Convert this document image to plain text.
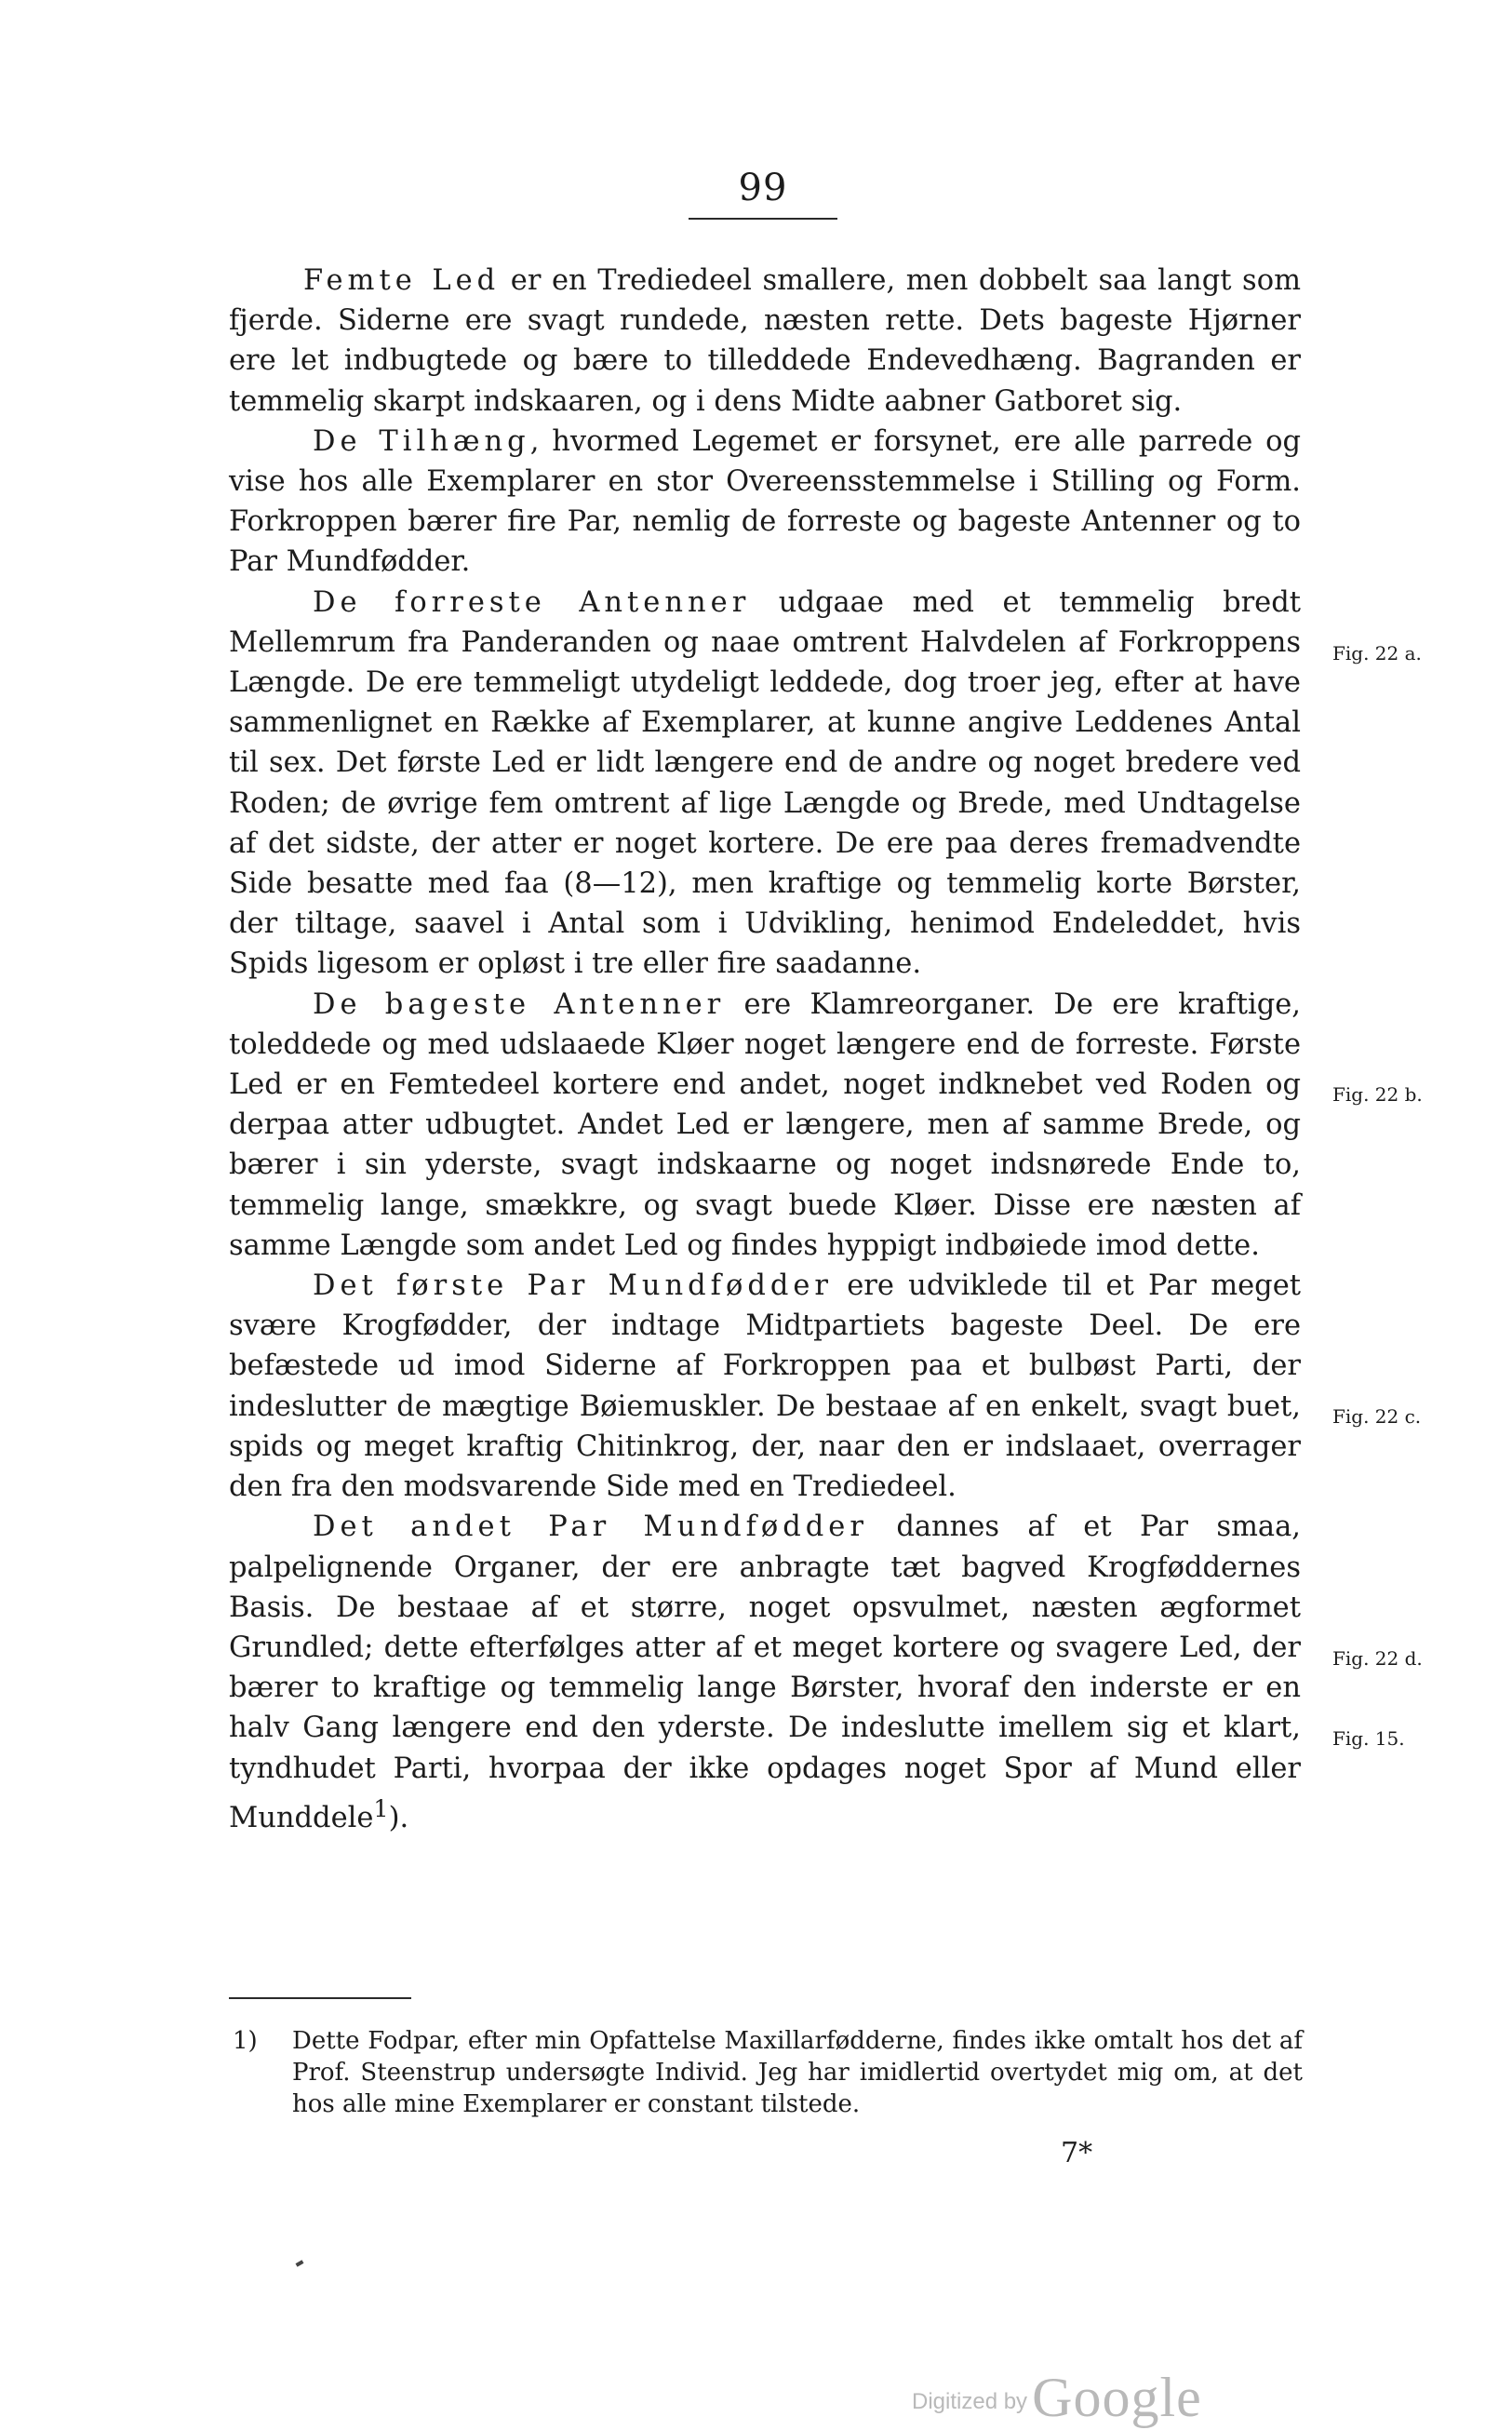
99

Femte Led er en Trediedeel smallere, men dobbelt saa langt som fjerde. Siderne ere svagt rundede, næsten rette. Dets bageste Hjørner ere let indbugtede og bære to tilleddede Endevedhæng. Bagranden er temmelig skarpt indskaaren, og i dens Midte aabner Gatboret sig.

De Tilhæng, hvormed Legemet er forsynet, ere alle parrede og vise hos alle Exemplarer en stor Overeensstemmelse i Stilling og Form. Forkroppen bærer fire Par, nemlig de forreste og bageste Antenner og to Par Mundfødder.

De forreste Antenner udgaae med et temmelig bredt Mellemrum fra Panderanden og naae omtrent Halvdelen af Forkroppens Længde. De ere temmeligt utydeligt leddede, dog troer jeg, efter at have sammenlignet en Række af Exemplarer, at kunne angive Leddenes Antal til sex. Det første Led er lidt længere end de andre og noget bredere ved Roden; de øvrige fem omtrent af lige Længde og Brede, med Undtagelse af det sidste, der atter er noget kortere. De ere paa deres fremadvendte Side besatte med faa (8—12), men kraftige og temmelig korte Børster, der tiltage, saavel i Antal som i Udvikling, henimod Endeleddet, hvis Spids ligesom er opløst i tre eller fire saadanne.

De bageste Antenner ere Klamreorganer. De ere kraftige, toleddede og med udslaaede Kløer noget længere end de forreste. Første Led er en Femtedeel kortere end andet, noget indknebet ved Roden og derpaa atter udbugtet. Andet Led er længere, men af samme Brede, og bærer i sin yderste, svagt indskaarne og noget indsnørede Ende to, temmelig lange, smækkre, og svagt buede Kløer. Disse ere næsten af samme Længde som andet Led og findes hyppigt indbøiede imod dette.

Det første Par Mundfødder ere udviklede til et Par meget svære Krogfødder, der indtage Midtpartiets bageste Deel. De ere befæstede ud imod Siderne af Forkroppen paa et bulbøst Parti, der indeslutter de mægtige Bøiemuskler. De bestaae af en enkelt, svagt buet, spids og meget kraftig Chitinkrog, der, naar den er indslaaet, overrager den fra den modsvarende Side med en Trediedeel.

Det andet Par Mundfødder dannes af et Par smaa, palpelignende Organer, der ere anbragte tæt bagved Krogføddernes Basis. De bestaae af et større, noget opsvulmet, næsten ægformet Grundled; dette efterfølges atter af et meget kortere og svagere Led, der bærer to kraftige og temmelig lange Børster, hvoraf den inderste er en halv Gang længere end den yderste. De indeslutte imellem sig et klart, tyndhudet Parti, hvorpaa der ikke opdages noget Spor af Mund eller Munddele$^1$).

Fig. 22 a.
Fig. 22 b.
Fig. 22 c.
Fig. 22 d.
Fig. 15.

1) Dette Fodpar, efter min Opfattelse Maxillarfødderne, findes ikke omtalt hos det af Prof. Steenstrup undersøgte Individ. Jeg har imidlertid overtydet mig om, at det hos alle mine Exemplarer er constant tilstede.

7*
Digitized by Google
